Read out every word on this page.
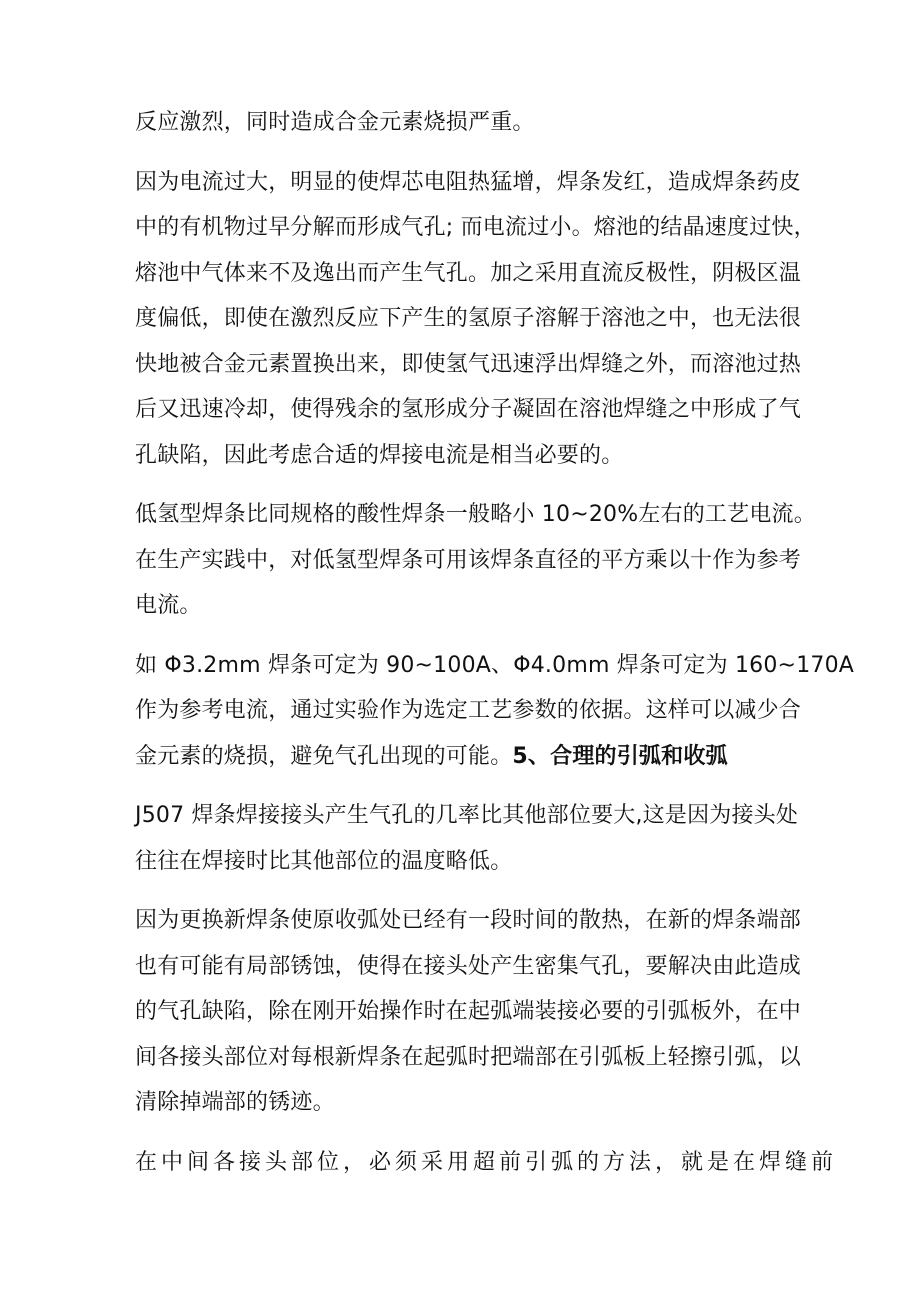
反应激烈，同时造成合金元素烧损严重。

因为电流过大，明显的使焊芯电阻热猛增，焊条发红，造成焊条药皮
中的有机物过早分解而形成气孔; 而电流过小。熔池的结晶速度过快，
熔池中气体来不及逸出而产生气孔。加之采用直流反极性，阴极区温
度偏低，即使在激烈反应下产生的氢原子溶解于溶池之中，也无法很
快地被合金元素置换出来，即使氢气迅速浮出焊缝之外，而溶池过热
后又迅速冷却，使得残余的氢形成分子凝固在溶池焊缝之中形成了气
孔缺陷，因此考虑合适的焊接电流是相当必要的。

低氢型焊条比同规格的酸性焊条一般略小 10~20%左右的工艺电流。
在生产实践中，对低氢型焊条可用该焊条直径的平方乘以十作为参考
电流。

如 Φ3.2mm 焊条可定为 90~100A、Φ4.0mm 焊条可定为 160~170A
作为参考电流，通过实验作为选定工艺参数的依据。这样可以减少合
金元素的烧损，避免气孔出现的可能。5、合理的引弧和收弧

J507 焊条焊接接头产生气孔的几率比其他部位要大,这是因为接头处
往往在焊接时比其他部位的温度略低。

因为更换新焊条使原收弧处已经有一段时间的散热，在新的焊条端部
也有可能有局部锈蚀，使得在接头处产生密集气孔，要解决由此造成
的气孔缺陷，除在刚开始操作时在起弧端装接必要的引弧板外，在中
间各接头部位对每根新焊条在起弧时把端部在引弧板上轻擦引弧，以
清除掉端部的锈迹。

在中间各接头部位，必须采用超前引弧的方法，就是在焊缝前
